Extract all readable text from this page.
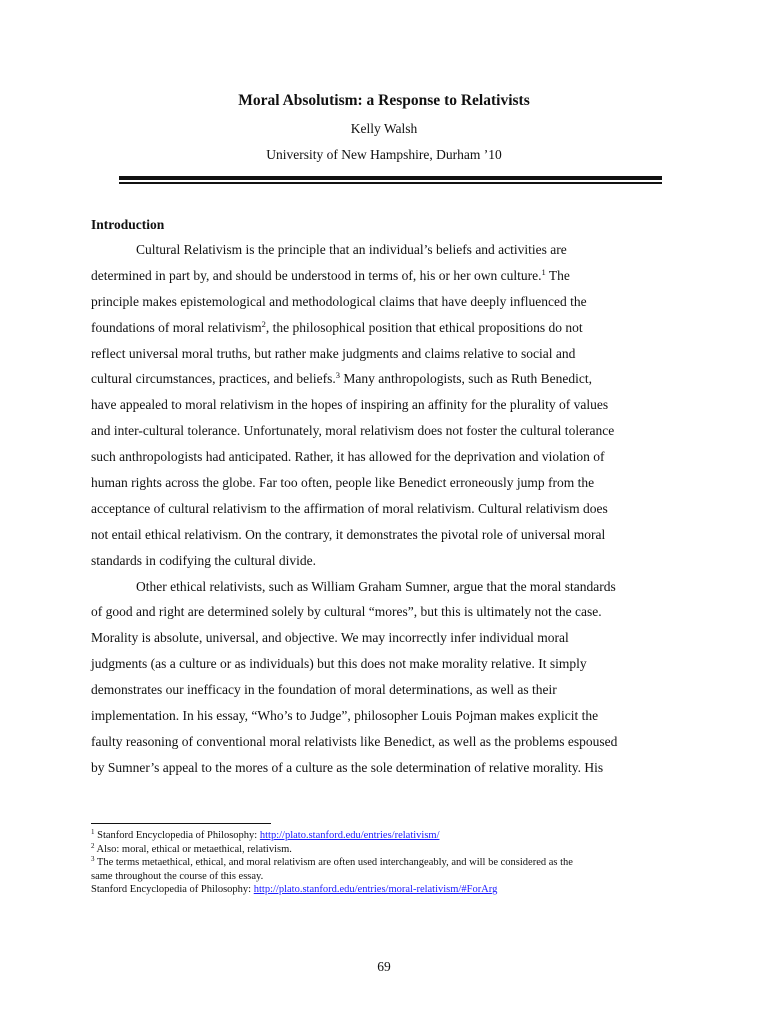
Moral Absolutism: a Response to Relativists
Kelly Walsh
University of New Hampshire, Durham ’10
Introduction
Cultural Relativism is the principle that an individual’s beliefs and activities are
determined in part by, and should be understood in terms of, his or her own culture.$^1$ The
principle makes epistemological and methodological claims that have deeply influenced the
foundations of moral relativism$^2$, the philosophical position that ethical propositions do not
reflect universal moral truths, but rather make judgments and claims relative to social and
cultural circumstances, practices, and beliefs.$^3$ Many anthropologists, such as Ruth Benedict,
have appealed to moral relativism in the hopes of inspiring an affinity for the plurality of values
and inter-cultural tolerance. Unfortunately, moral relativism does not foster the cultural tolerance
such anthropologists had anticipated. Rather, it has allowed for the deprivation and violation of
human rights across the globe. Far too often, people like Benedict erroneously jump from the
acceptance of cultural relativism to the affirmation of moral relativism. Cultural relativism does
not entail ethical relativism. On the contrary, it demonstrates the pivotal role of universal moral
standards in codifying the cultural divide.
Other ethical relativists, such as William Graham Sumner, argue that the moral standards
of good and right are determined solely by cultural “mores”, but this is ultimately not the case.
Morality is absolute, universal, and objective. We may incorrectly infer individual moral
judgments (as a culture or as individuals) but this does not make morality relative. It simply
demonstrates our inefficacy in the foundation of moral determinations, as well as their
implementation. In his essay, “Who’s to Judge”, philosopher Louis Pojman makes explicit the
faulty reasoning of conventional moral relativists like Benedict, as well as the problems espoused
by Sumner’s appeal to the mores of a culture as the sole determination of relative morality. His
$^1$ Stanford Encyclopedia of Philosophy: http://plato.stanford.edu/entries/relativism/
$^2$ Also: moral, ethical or metaethical, relativism.
$^3$ The terms metaethical, ethical, and moral relativism are often used interchangeably, and will be considered as the
same throughout the course of this essay.
Stanford Encyclopedia of Philosophy: http://plato.stanford.edu/entries/moral-relativism/#ForArg
69
